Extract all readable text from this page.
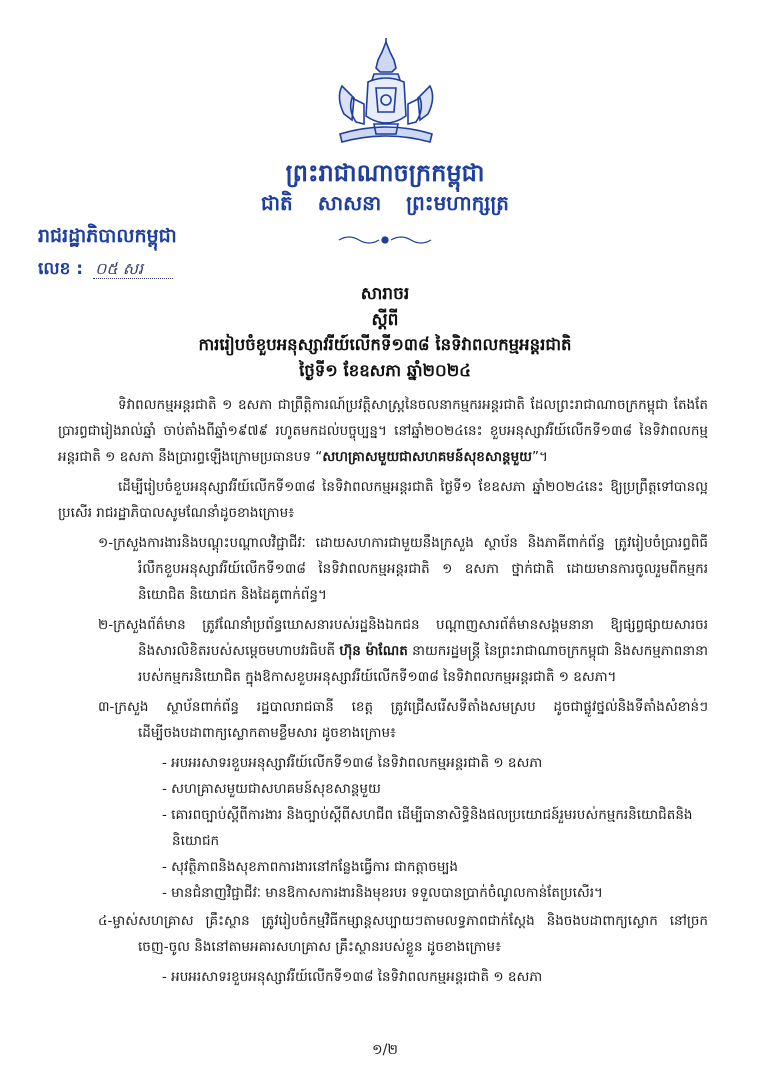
ព្រះរាជាណាចក្រកម្ពុជា
ជាតិ សាសនា ព្រះមហាក្សត្រ
រាជរដ្ឋាភិបាលកម្ពុជា
លេខ : ០៥ សរ
សារាចរ
ស្តីពី
ការរៀបចំខួបអនុស្សាវរីយ៍លើកទី១៣៨ នៃទិវាពលកម្មអន្តរជាតិ
ថ្ងៃទី១ ខែឧសភា ឆ្នាំ២០២៤

ទិវាពលកម្មអន្តរជាតិ ១ ឧសភា ជាព្រឹត្តិការណ៍ប្រវត្តិសាស្ត្រនៃចលនាកម្មករអន្តរជាតិ ដែលព្រះរាជាណាចក្រកម្ពុជា តែងតែប្រារព្ធជារៀងរាល់ឆ្នាំ ចាប់តាំងពីឆ្នាំ១៩៧៩ រហូតមកដល់បច្ចុប្បន្ន។ នៅឆ្នាំ២០២៤នេះ ខួបអនុស្សាវរីយ៍លើកទី១៣៨ នៃទិវាពលកម្មអន្តរជាតិ ១ ឧសភា នឹងប្រារព្ធឡើងក្រោមប្រធានបទ “សហគ្រាសមួយជាសហគមន៍សុខសាន្តមួយ”។

ដើម្បីរៀបចំខួបអនុស្សាវរីយ៍លើកទី១៣៨ នៃទិវាពលកម្មអន្តរជាតិ ថ្ងៃទី១ ខែឧសភា ឆ្នាំ២០២៤នេះ ឱ្យប្រព្រឹត្តទៅបានល្អប្រសើរ រាជរដ្ឋាភិបាលសូមណែនាំដូចខាងក្រោម៖

១-ក្រសួងការងារនិងបណ្តុះបណ្តាលវិជ្ជាជីវៈ ដោយសហការជាមួយនឹងក្រសួង ស្ថាប័ន និងភាគីពាក់ព័ន្ធ ត្រូវរៀបចំប្រារព្ធពិធីរំលឹកខួបអនុស្សាវរីយ៍លើកទី១៣៨ នៃទិវាពលកម្មអន្តរជាតិ ១ ឧសភា ថ្នាក់ជាតិ ដោយមានការចូលរួមពីកម្មករនិយោជិត និយោជក និងដៃគូពាក់ព័ន្ធ។

២-ក្រសួងព័ត៌មាន ត្រូវណែនាំប្រព័ន្ធឃោសនារបស់រដ្ឋនិងឯកជន បណ្តាញសារព័ត៌មានសង្គមនានា ឱ្យផ្សព្វផ្សាយសារចរ និងសារលិខិតរបស់សម្តេចមហាបវរធិបតី ហ៊ុន ម៉ាណែត នាយករដ្ឋមន្ត្រី នៃព្រះរាជាណាចក្រកម្ពុជា និងសកម្មភាពនានារបស់កម្មករនិយោជិត ក្នុងឱកាសខួបអនុស្សាវរីយ៍លើកទី១៣៨ នៃទិវាពលកម្មអន្តរជាតិ ១ ឧសភា។

៣-ក្រសួង ស្ថាប័នពាក់ព័ន្ធ រដ្ឋបាលរាជធានី ខេត្ត ត្រូវជ្រើសរើសទីតាំងសមស្រប ដូចជាផ្លូវថ្នល់និងទីតាំងសំខាន់ៗ ដើម្បីចងបដាពាក្យស្លោកតាមខ្លឹមសារ ដូចខាងក្រោម៖

- អបអរសាទរខួបអនុស្សាវរីយ៍លើកទី១៣៨ នៃទិវាពលកម្មអន្តរជាតិ ១ ឧសភា
- សហគ្រាសមួយជាសហគមន៍សុខសាន្តមួយ
- គោរពច្បាប់ស្តីពីការងារ និងច្បាប់ស្តីពីសហជីព ដើម្បីធានាសិទ្ធិនិងផលប្រយោជន៍រួមរបស់កម្មករនិយោជិតនិងនិយោជក
- សុវត្ថិភាពនិងសុខភាពការងារនៅកន្លែងធ្វើការ ជាកត្តាចម្បង
- មានជំនាញវិជ្ជាជីវៈ មានឱកាសការងារនិងមុខរបរ ទទួលបានប្រាក់ចំណូលកាន់តែប្រសើរ។

៤-ម្ចាស់សហគ្រាស គ្រឹះស្ថាន ត្រូវរៀបចំកម្មវិធីកម្សាន្តសប្បាយៗតាមលទ្ធភាពជាក់ស្តែង និងចងបដាពាក្យស្លោក នៅច្រកចេញ-ចូល និងនៅតាមអគារសហគ្រាស គ្រឹះស្ថានរបស់ខ្លួន ដូចខាងក្រោម៖

- អបអរសាទរខួបអនុស្សាវរីយ៍លើកទី១៣៨ នៃទិវាពលកម្មអន្តរជាតិ ១ ឧសភា
១/២
